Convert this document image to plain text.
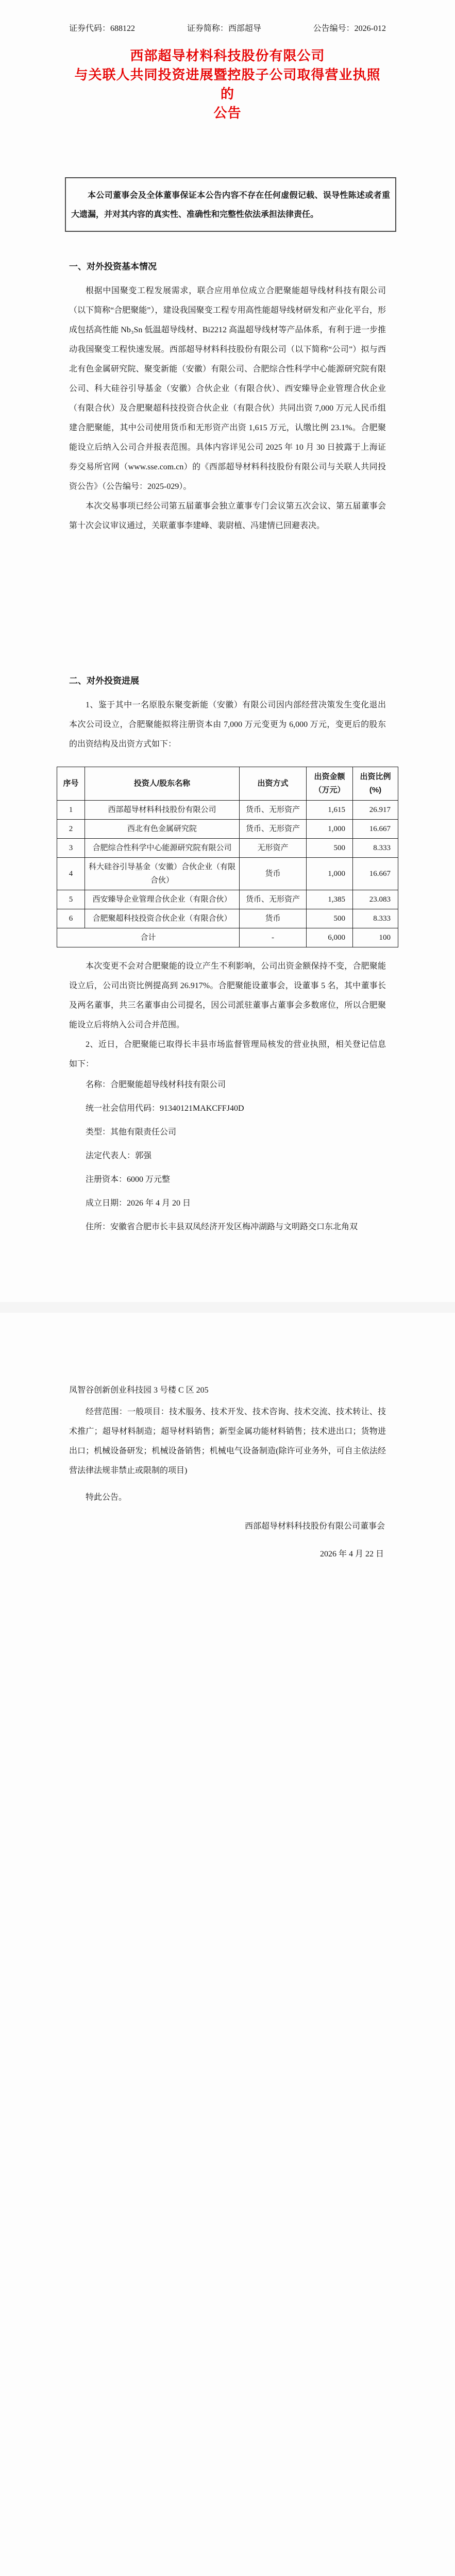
证券代码：688122	证券简称：西部超导	公告编号：2026-012
西部超导材料科技股份有限公司
与关联人共同投资进展暨控股子公司取得营业执照的
公告

本公司董事会及全体董事保证本公告内容不存在任何虚假记载、误导性陈述或者重大遗漏，并对其内容的真实性、准确性和完整性依法承担法律责任。

一、对外投资基本情况

根据中国聚变工程发展需求，联合应用单位成立合肥聚能超导线材科技有限公司（以下简称“合肥聚能”），建设我国聚变工程专用高性能超导线材研发和产业化平台，形成包括高性能 Nb₃Sn 低温超导线材、Bi2212 高温超导线材等产品体系，有利于进一步推动我国聚变工程快速发展。西部超导材料科技股份有限公司（以下简称“公司”）拟与西北有色金属研究院、聚变新能（安徽）有限公司、合肥综合性科学中心能源研究院有限公司、科大硅谷引导基金（安徽）合伙企业（有限合伙）、西安臻导企业管理合伙企业（有限合伙）及合肥聚超科技投资合伙企业（有限合伙）共同出资 7,000 万元人民币组建合肥聚能，其中公司使用货币和无形资产出资 1,615 万元，认缴比例 23.1%。合肥聚能设立后纳入公司合并报表范围。具体内容详见公司 2025 年 10 月 30 日披露于上海证券交易所官网（www.sse.com.cn）的《西部超导材料科技股份有限公司与关联人共同投资公告》（公告编号：2025-029）。

本次交易事项已经公司第五届董事会独立董事专门会议第五次会议、第五届董事会第十次会议审议通过，关联董事李建峰、裴尉植、冯建情已回避表决。

二、对外投资进展

1、鉴于其中一名原股东聚变新能（安徽）有限公司因内部经营决策发生变化退出本次公司设立，合肥聚能拟将注册资本由 7,000 万元变更为 6,000 万元，变更后的股东的出资结构及出资方式如下：

序号	投资人/股东名称	出资方式	出资金额（万元）	出资比例(%)
1	西部超导材料科技股份有限公司	货币、无形资产	1,615	26.917
2	西北有色金属研究院	货币、无形资产	1,000	16.667
3	合肥综合性科学中心能源研究院有限公司	无形资产	500	8.333
4	科大硅谷引导基金（安徽）合伙企业（有限合伙）	货币	1,000	16.667
5	西安臻导企业管理合伙企业（有限合伙）	货币、无形资产	1,385	23.083
6	合肥聚超科技投资合伙企业（有限合伙）	货币	500	8.333
合计		-	6,000	100

本次变更不会对合肥聚能的设立产生不利影响，公司出资金额保持不变，合肥聚能设立后，公司出资比例提高到 26.917%。合肥聚能设董事会，设董事 5 名，其中董事长及两名董事，共三名董事由公司提名，因公司派驻董事占董事会多数席位，所以合肥聚能设立后将纳入公司合并范围。

2、近日，合肥聚能已取得长丰县市场监督管理局核发的营业执照，相关登记信息如下：

名称：合肥聚能超导线材科技有限公司
统一社会信用代码：91340121MAKCFFJ40D
类型：其他有限责任公司
法定代表人：郭强
注册资本：6000 万元整
成立日期：2026 年 4 月 20 日
住所：安徽省合肥市长丰县双凤经济开发区梅冲湖路与文明路交口东北角双

凤智谷创新创业科技园 3 号楼 C 区 205

经营范围：一般项目：技术服务、技术开发、技术咨询、技术交流、技术转让、技术推广；超导材料制造；超导材料销售；新型金属功能材料销售；技术进出口；货物进出口；机械设备研发；机械设备销售；机械电气设备制造(除许可业务外，可自主依法经营法律法规非禁止或限制的项目)

特此公告。

西部超导材料科技股份有限公司董事会
2026 年 4 月 22 日
